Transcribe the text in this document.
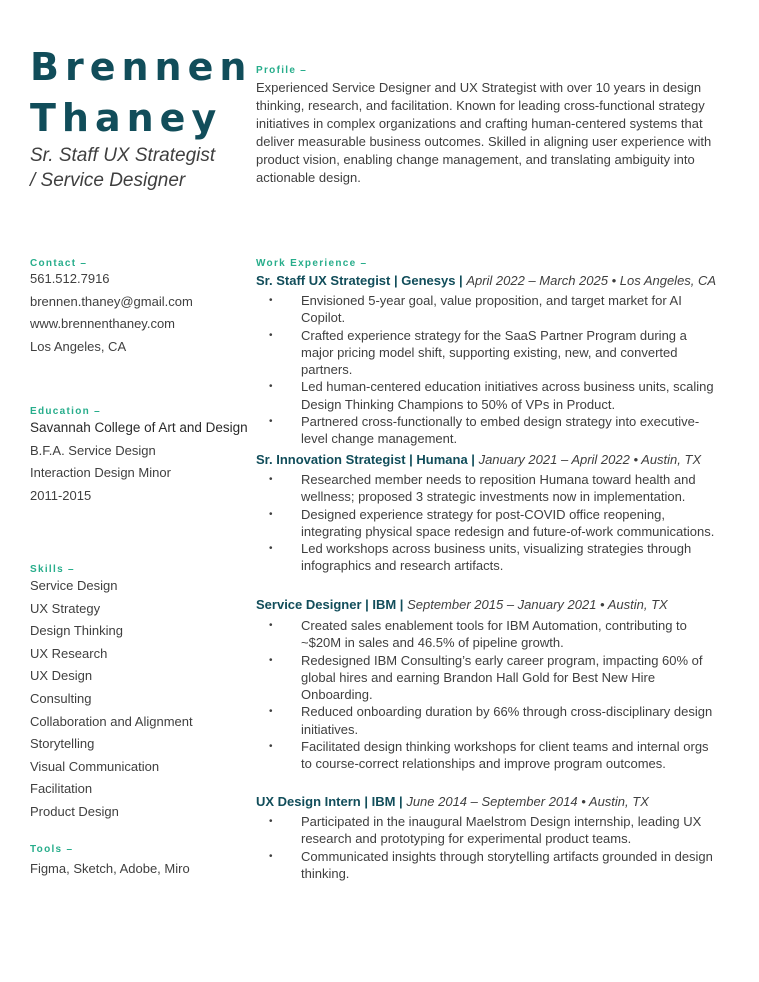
Brennen
Thaney
Sr. Staff UX Strategist
/ Service Designer
Contact –
561.512.7916
brennen.thaney@gmail.com
www.brennenthaney.com
Los Angeles, CA
Education –
Savannah College of Art and Design
B.F.A. Service Design
Interaction Design Minor
2011-2015
Skills –
Service Design
UX Strategy
Design Thinking
UX Research
UX Design
Consulting
Collaboration and Alignment
Storytelling
Visual Communication
Facilitation
Product Design
Tools –
Figma, Sketch, Adobe, Miro
Profile –
Experienced Service Designer and UX Strategist with over 10 years in design thinking, research, and facilitation. Known for leading cross-functional strategy initiatives in complex organizations and crafting human-centered systems that deliver measurable business outcomes. Skilled in aligning user experience with product vision, enabling change management, and translating ambiguity into actionable design.
Work Experience –
Sr. Staff UX Strategist | Genesys | April 2022 – March 2025 • Los Angeles, CA
• Envisioned 5-year goal, value proposition, and target market for AI Copilot.
• Crafted experience strategy for the SaaS Partner Program during a major pricing model shift, supporting existing, new, and converted partners.
• Led human-centered education initiatives across business units, scaling Design Thinking Champions to 50% of VPs in Product.
• Partnered cross-functionally to embed design strategy into executive-level change management.
Sr. Innovation Strategist | Humana | January 2021 – April 2022 • Austin, TX
• Researched member needs to reposition Humana toward health and wellness; proposed 3 strategic investments now in implementation.
• Designed experience strategy for post-COVID office reopening, integrating physical space redesign and future-of-work communications.
• Led workshops across business units, visualizing strategies through infographics and research artifacts.
Service Designer | IBM | September 2015 – January 2021 • Austin, TX
• Created sales enablement tools for IBM Automation, contributing to ~$20M in sales and 46.5% of pipeline growth.
• Redesigned IBM Consulting’s early career program, impacting 60% of global hires and earning Brandon Hall Gold for Best New Hire Onboarding.
• Reduced onboarding duration by 66% through cross-disciplinary design initiatives.
• Facilitated design thinking workshops for client teams and internal orgs to course-correct relationships and improve program outcomes.
UX Design Intern | IBM | June 2014 – September 2014 • Austin, TX
• Participated in the inaugural Maelstrom Design internship, leading UX research and prototyping for experimental product teams.
• Communicated insights through storytelling artifacts grounded in design thinking.
